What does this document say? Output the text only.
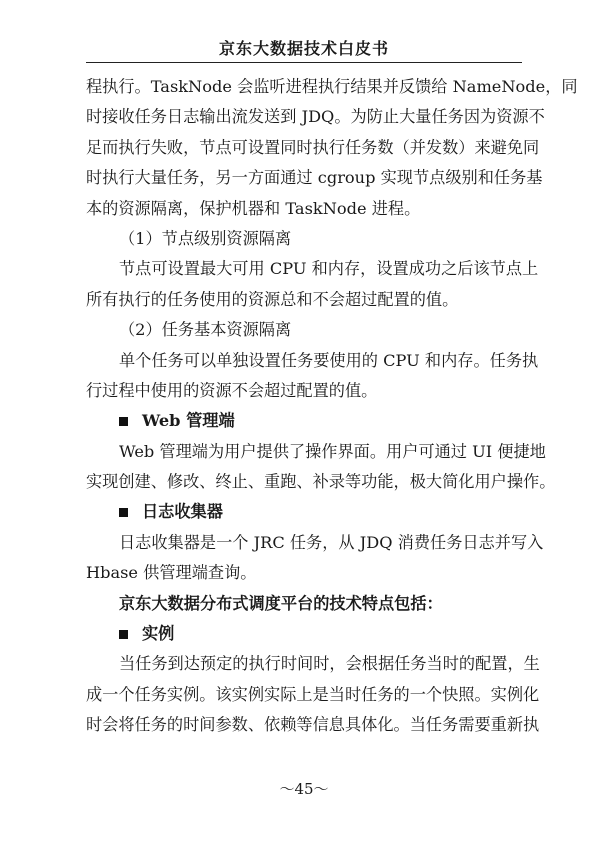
京东大数据技术白皮书
程执行。TaskNode 会监听进程执行结果并反馈给 NameNode，同
时接收任务日志输出流发送到 JDQ。为防止大量任务因为资源不
足而执行失败，节点可设置同时执行任务数（并发数）来避免同
时执行大量任务，另一方面通过 cgroup 实现节点级别和任务基
本的资源隔离，保护机器和 TaskNode 进程。
（1）节点级别资源隔离
节点可设置最大可用 CPU 和内存，设置成功之后该节点上
所有执行的任务使用的资源总和不会超过配置的值。
（2）任务基本资源隔离
单个任务可以单独设置任务要使用的 CPU 和内存。任务执
行过程中使用的资源不会超过配置的值。
Web 管理端
Web 管理端为用户提供了操作界面。用户可通过 UI 便捷地
实现创建、修改、终止、重跑、补录等功能，极大简化用户操作。
日志收集器
日志收集器是一个 JRC 任务，从 JDQ 消费任务日志并写入
Hbase 供管理端查询。
京东大数据分布式调度平台的技术特点包括：
实例
当任务到达预定的执行时间时，会根据任务当时的配置，生
成一个任务实例。该实例实际上是当时任务的一个快照。实例化
时会将任务的时间参数、依赖等信息具体化。当任务需要重新执
～45～
